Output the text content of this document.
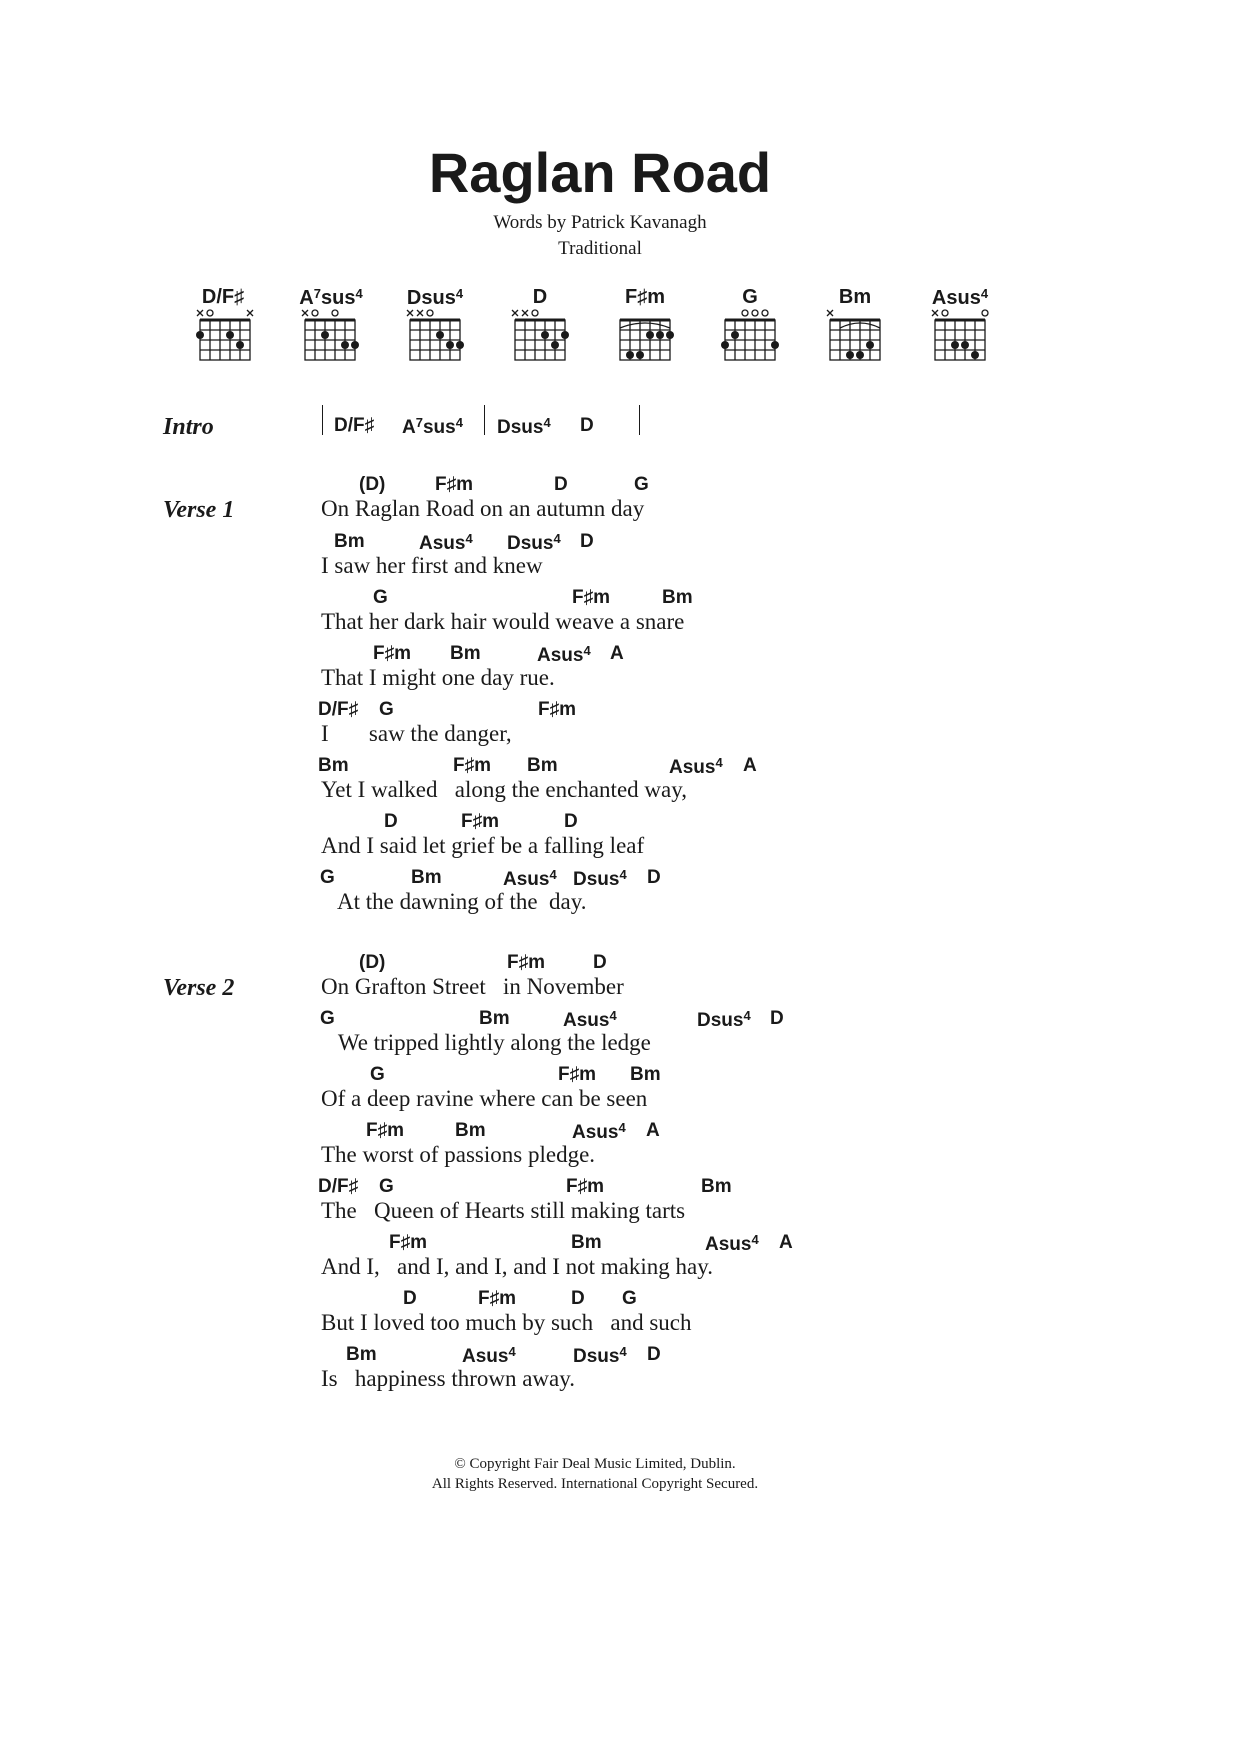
Raglan Road
Words by Patrick Kavanagh
Traditional
D/F♯	$A^7sus^4$	Dsus$^4$	D	F♯m	G	Bm	Asus$^4$
Intro	D/F♯ $A^7sus^4$ Dsus$^4$ D
Verse 1
(D)	F♯m	D	G
On Raglan Road on an autumn day
Bm	Asus$^4$ Dsus$^4$ D
I saw her first and knew
G	F♯m	Bm
That her dark hair would weave a snare
F♯m Bm	Asus$^4$ A
That I might one day rue.
D/F♯ G	F♯m
I       saw the danger,
Bm	F♯m Bm	Asus$^4$ A
Yet I walked   along the enchanted way,
D	F♯m	D
And I said let grief be a falling leaf
G	Bm	Asus$^4$ Dsus$^4$ D
At the dawning of the  day.
Verse 2
(D)	F♯m	D
On Grafton Street   in November
G	Bm	Asus$^4$	Dsus$^4$ D
We tripped lightly along the ledge
G	F♯m Bm
Of a deep ravine where can be seen
F♯m	Bm	Asus$^4$ A
The worst of passions pledge.
D/F♯ G	F♯m	Bm
The   Queen of Hearts still making tarts
F♯m	Bm	Asus$^4$ A
And I,   and I, and I, and I not making hay.
D	F♯m	D G
But I loved too much by such   and such
Bm	Asus$^4$	Dsus$^4$ D
Is   happiness thrown away.
© Copyright Fair Deal Music Limited, Dublin.
All Rights Reserved. International Copyright Secured.
